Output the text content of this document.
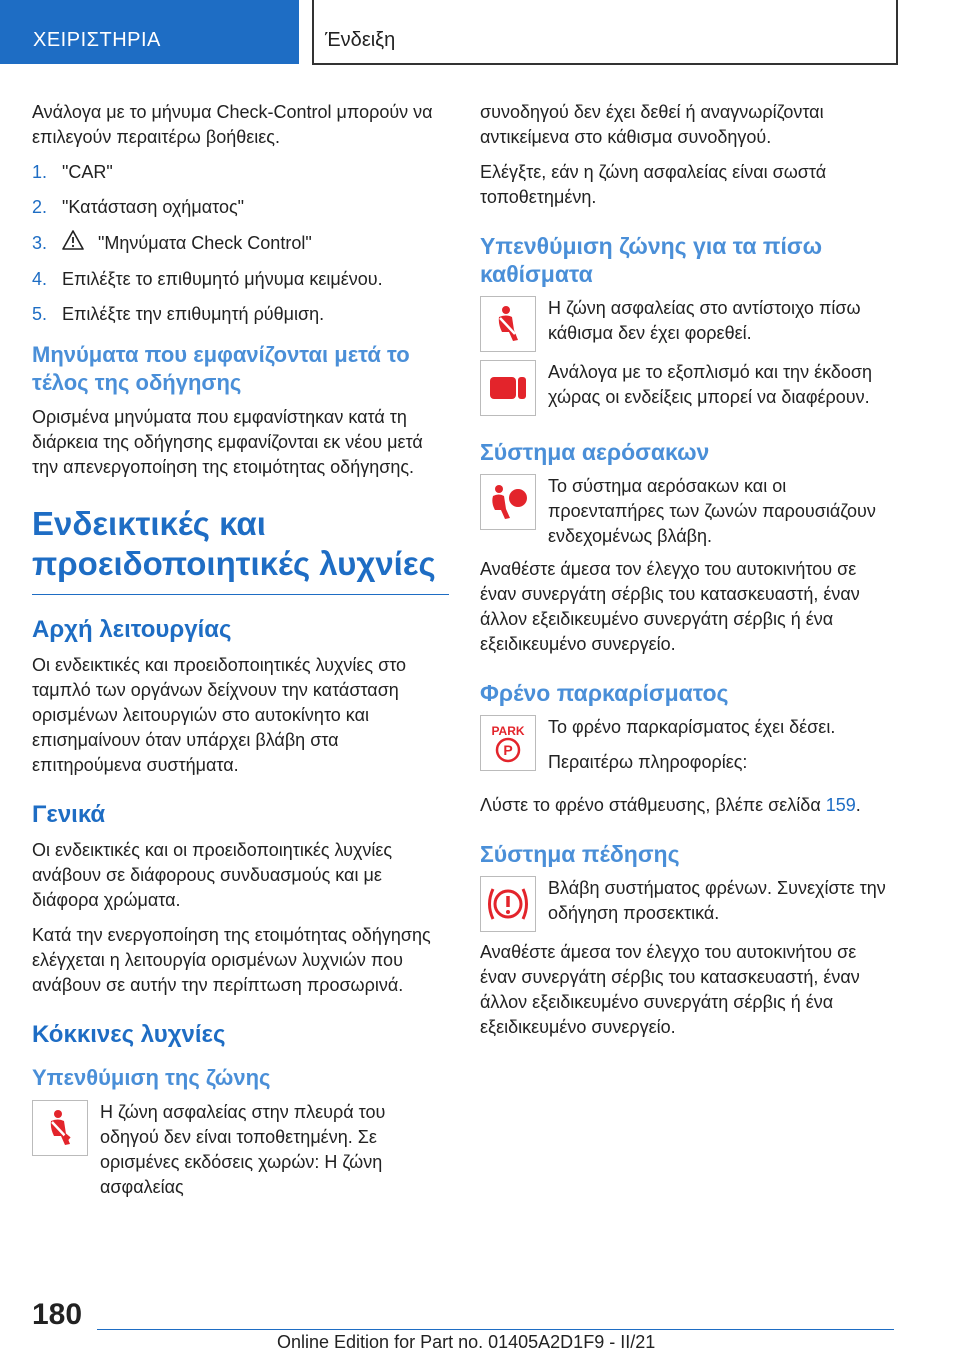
ΧΕΙΡΙΣΤΗΡΙΑ	Ένδειξη

Ανάλογα με το μήνυμα Check-Control μπορούν να επιλεγούν περαιτέρω βοήθειες.

1. "CAR"
2. "Κατάσταση οχήματος"
3.	"Μηνύματα Check Control"
4. Επιλέξτε το επιθυμητό μήνυμα κειμένου.
5. Επιλέξτε την επιθυμητή ρύθμιση.
Μηνύματα που εμφανίζονται μετά το τέλος της οδήγησης

Ορισμένα μηνύματα που εμφανίστηκαν κατά τη διάρκεια της οδήγησης εμφανίζονται εκ νέου μετά την απενεργοποίηση της ετοιμότητας οδήγησης.

Ενδεικτικές και προειδοποιητικές λυχνίες
Αρχή λειτουργίας

Οι ενδεικτικές και προειδοποιητικές λυχνίες στο ταμπλό των οργάνων δείχνουν την κατάσταση ορισμένων λειτουργιών στο αυτοκίνητο και επισημαίνουν όταν υπάρχει βλάβη στα επιτηρούμενα συστήματα.

Γενικά

Οι ενδεικτικές και οι προειδοποιητικές λυχνίες ανάβουν σε διάφορους συνδυασμούς και με διάφορα χρώματα.

Κατά την ενεργοποίηση της ετοιμότητας οδήγησης ελέγχεται η λειτουργία ορισμένων λυχνιών που ανάβουν σε αυτήν την περίπτωση προσωρινά.

Κόκκινες λυχνίες
Υπενθύμιση της ζώνης

Η ζώνη ασφαλείας στην πλευρά του οδηγού δεν είναι τοποθετημένη. Σε ορισμένες εκδόσεις χωρών: Η ζώνη ασφαλείας

συνοδηγού δεν έχει δεθεί ή αναγνωρίζονται αντικείμενα στο κάθισμα συνοδηγού.

Ελέγξτε, εάν η ζώνη ασφαλείας είναι σωστά τοποθετημένη.

Υπενθύμιση ζώνης για τα πίσω καθίσματα

Η ζώνη ασφαλείας στο αντίστοιχο πίσω κάθισμα δεν έχει φορεθεί.

Ανάλογα με το εξοπλισμό και την έκδοση χώρας οι ενδείξεις μπορεί να διαφέρουν.

Σύστημα αερόσακων

Το σύστημα αερόσακων και οι προενταπήρες των ζωνών παρουσιάζουν ενδεχομένως βλάβη.

Αναθέστε άμεσα τον έλεγχο του αυτοκινήτου σε έναν συνεργάτη σέρβις του κατασκευαστή, έναν άλλον εξειδικευμένο συνεργάτη σέρβις ή ένα εξειδικευμένο συνεργείο.

Φρένο παρκαρίσματος
PARK
P

Το φρένο παρκαρίσματος έχει δέσει.

Περαιτέρω πληροφορίες:

Λύστε το φρένο στάθμευσης, βλέπε σελίδα 159.

Σύστημα πέδησης

Βλάβη συστήματος φρένων. Συνεχίστε την οδήγηση προσεκτικά.

Αναθέστε άμεσα τον έλεγχο του αυτοκινήτου σε έναν συνεργάτη σέρβις του κατασκευαστή, έναν άλλον εξειδικευμένο συνεργάτη σέρβις ή ένα εξειδικευμένο συνεργείο.

180
Online Edition for Part no. 01405A2D1F9 - II/21
